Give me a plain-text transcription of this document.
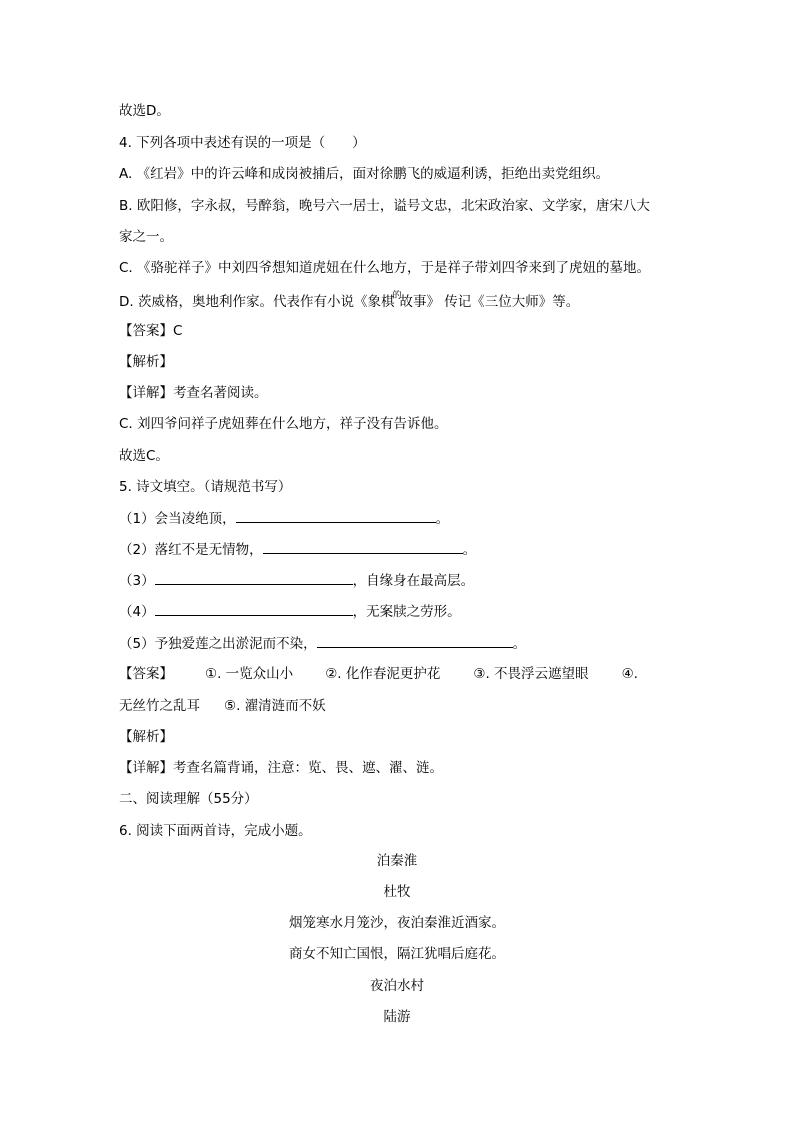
故选D。
4. 下列各项中表述有误的一项是（　　）
A. 《红岩》中的许云峰和成岗被捕后，面对徐鹏飞的威逼利诱，拒绝出卖党组织。
B. 欧阳修，字永叔，号醉翁，晚号六一居士，谥号文忠，北宋政治家、文学家，唐宋八大
家之一。
C. 《骆驼祥子》中刘四爷想知道虎妞在什么地方，于是祥子带刘四爷来到了虎妞的墓地。
D. 茨威格，奥地利作家。代表作有小说《象棋$^的$故事》 传记《三位大师》等。
【答案】C
【解析】
【详解】考查名著阅读。
C. 刘四爷问祥子虎妞葬在什么地方，祥子没有告诉他。
故选C。
5. 诗文填空。（请规范书写）
（1）会当凌绝顶，	。
（2）落红不是无情物，	。
（3）	，自缘身在最高层。
（4）	，无案牍之劳形。
（5）予独爱莲之出淤泥而不染，	。
【答案】 ①. 一览众山小 ②. 化作春泥更护花 ③. 不畏浮云遮望眼 ④.
无丝竹之乱耳 ⑤. 濯清涟而不妖
【解析】
【详解】考查名篇背诵，注意：览、畏、遮、濯、涟。
二、阅读理解（55分）
6. 阅读下面两首诗，完成小题。
泊秦淮
杜牧
烟笼寒水月笼沙，夜泊秦淮近酒家。
商女不知亡国恨，隔江犹唱后庭花。
夜泊水村
陆游
